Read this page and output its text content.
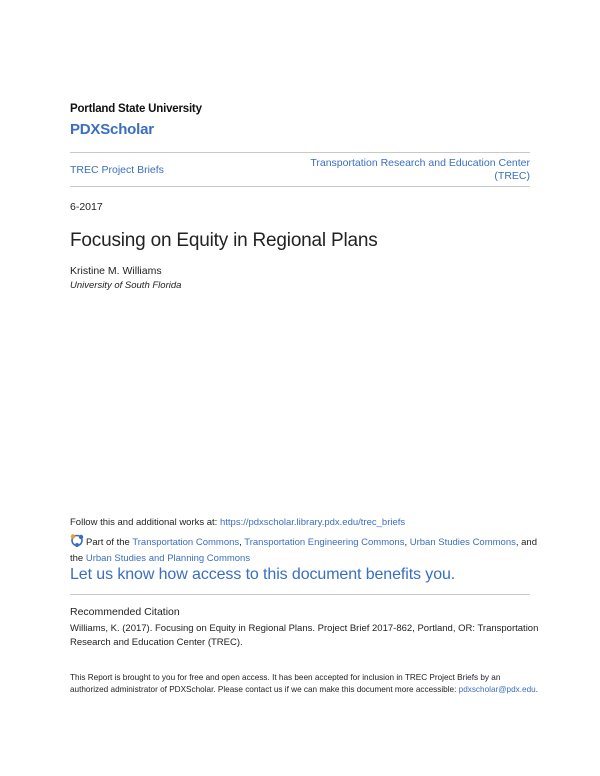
Portland State University
PDXScholar
TREC Project Briefs
Transportation Research and Education Center (TREC)
6-2017
Focusing on Equity in Regional Plans
Kristine M. Williams
University of South Florida
Follow this and additional works at: https://pdxscholar.library.pdx.edu/trec_briefs
Part of the Transportation Commons, Transportation Engineering Commons, Urban Studies Commons, and the Urban Studies and Planning Commons
Let us know how access to this document benefits you.
Recommended Citation
Williams, K. (2017). Focusing on Equity in Regional Plans. Project Brief 2017-862, Portland, OR: Transportation Research and Education Center (TREC).
This Report is brought to you for free and open access. It has been accepted for inclusion in TREC Project Briefs by an authorized administrator of PDXScholar. Please contact us if we can make this document more accessible: pdxscholar@pdx.edu.
